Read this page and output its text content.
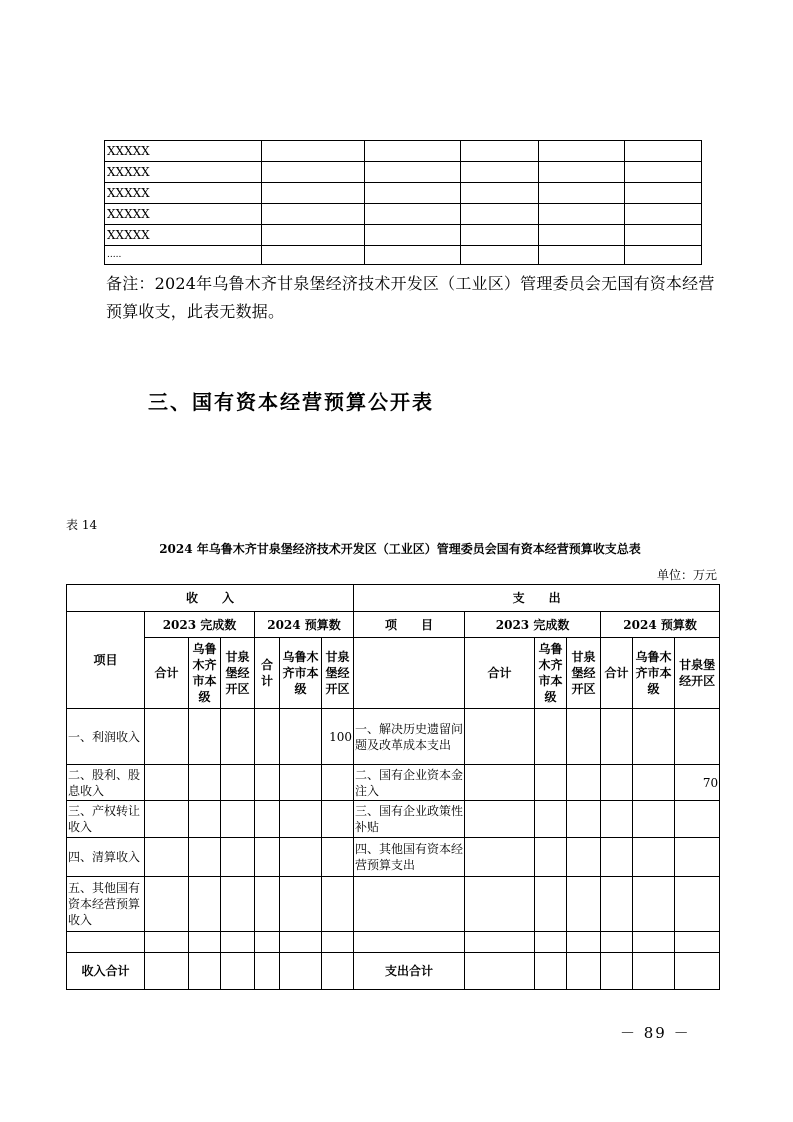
XXXXX					
XXXXX					
XXXXX					
XXXXX					
XXXXX					
.....					
备注：2024年乌鲁木齐甘泉堡经济技术开发区（工业区）管理委员会无国有资本经营预算收支，此表无数据。
三、国有资本经营预算公开表
表 14
2024 年乌鲁木齐甘泉堡经济技术开发区（工业区）管理委员会国有资本经营预算收支总表
单位：万元
收　　入							支　　出						
项目	2023 完成数			2024 预算数			项　　目	2023 完成数			2024 预算数		
	合计	乌鲁木齐市本级	甘泉堡经开区	合计	乌鲁木齐市本级	甘泉堡经开区		合计	乌鲁木齐市本级	甘泉堡经开区	合计	乌鲁木齐市本级	甘泉堡经开区
一、利润收入						100	一、解决历史遗留问题及改革成本支出						
二、股利、股息收入							二、国有企业资本金注入						70
三、产权转让收入							三、国有企业政策性补贴						
四、清算收入							四、其他国有资本经营预算支出						
五、其他国有资本经营预算收入													

收入合计							支出合计						
－ 89 －
